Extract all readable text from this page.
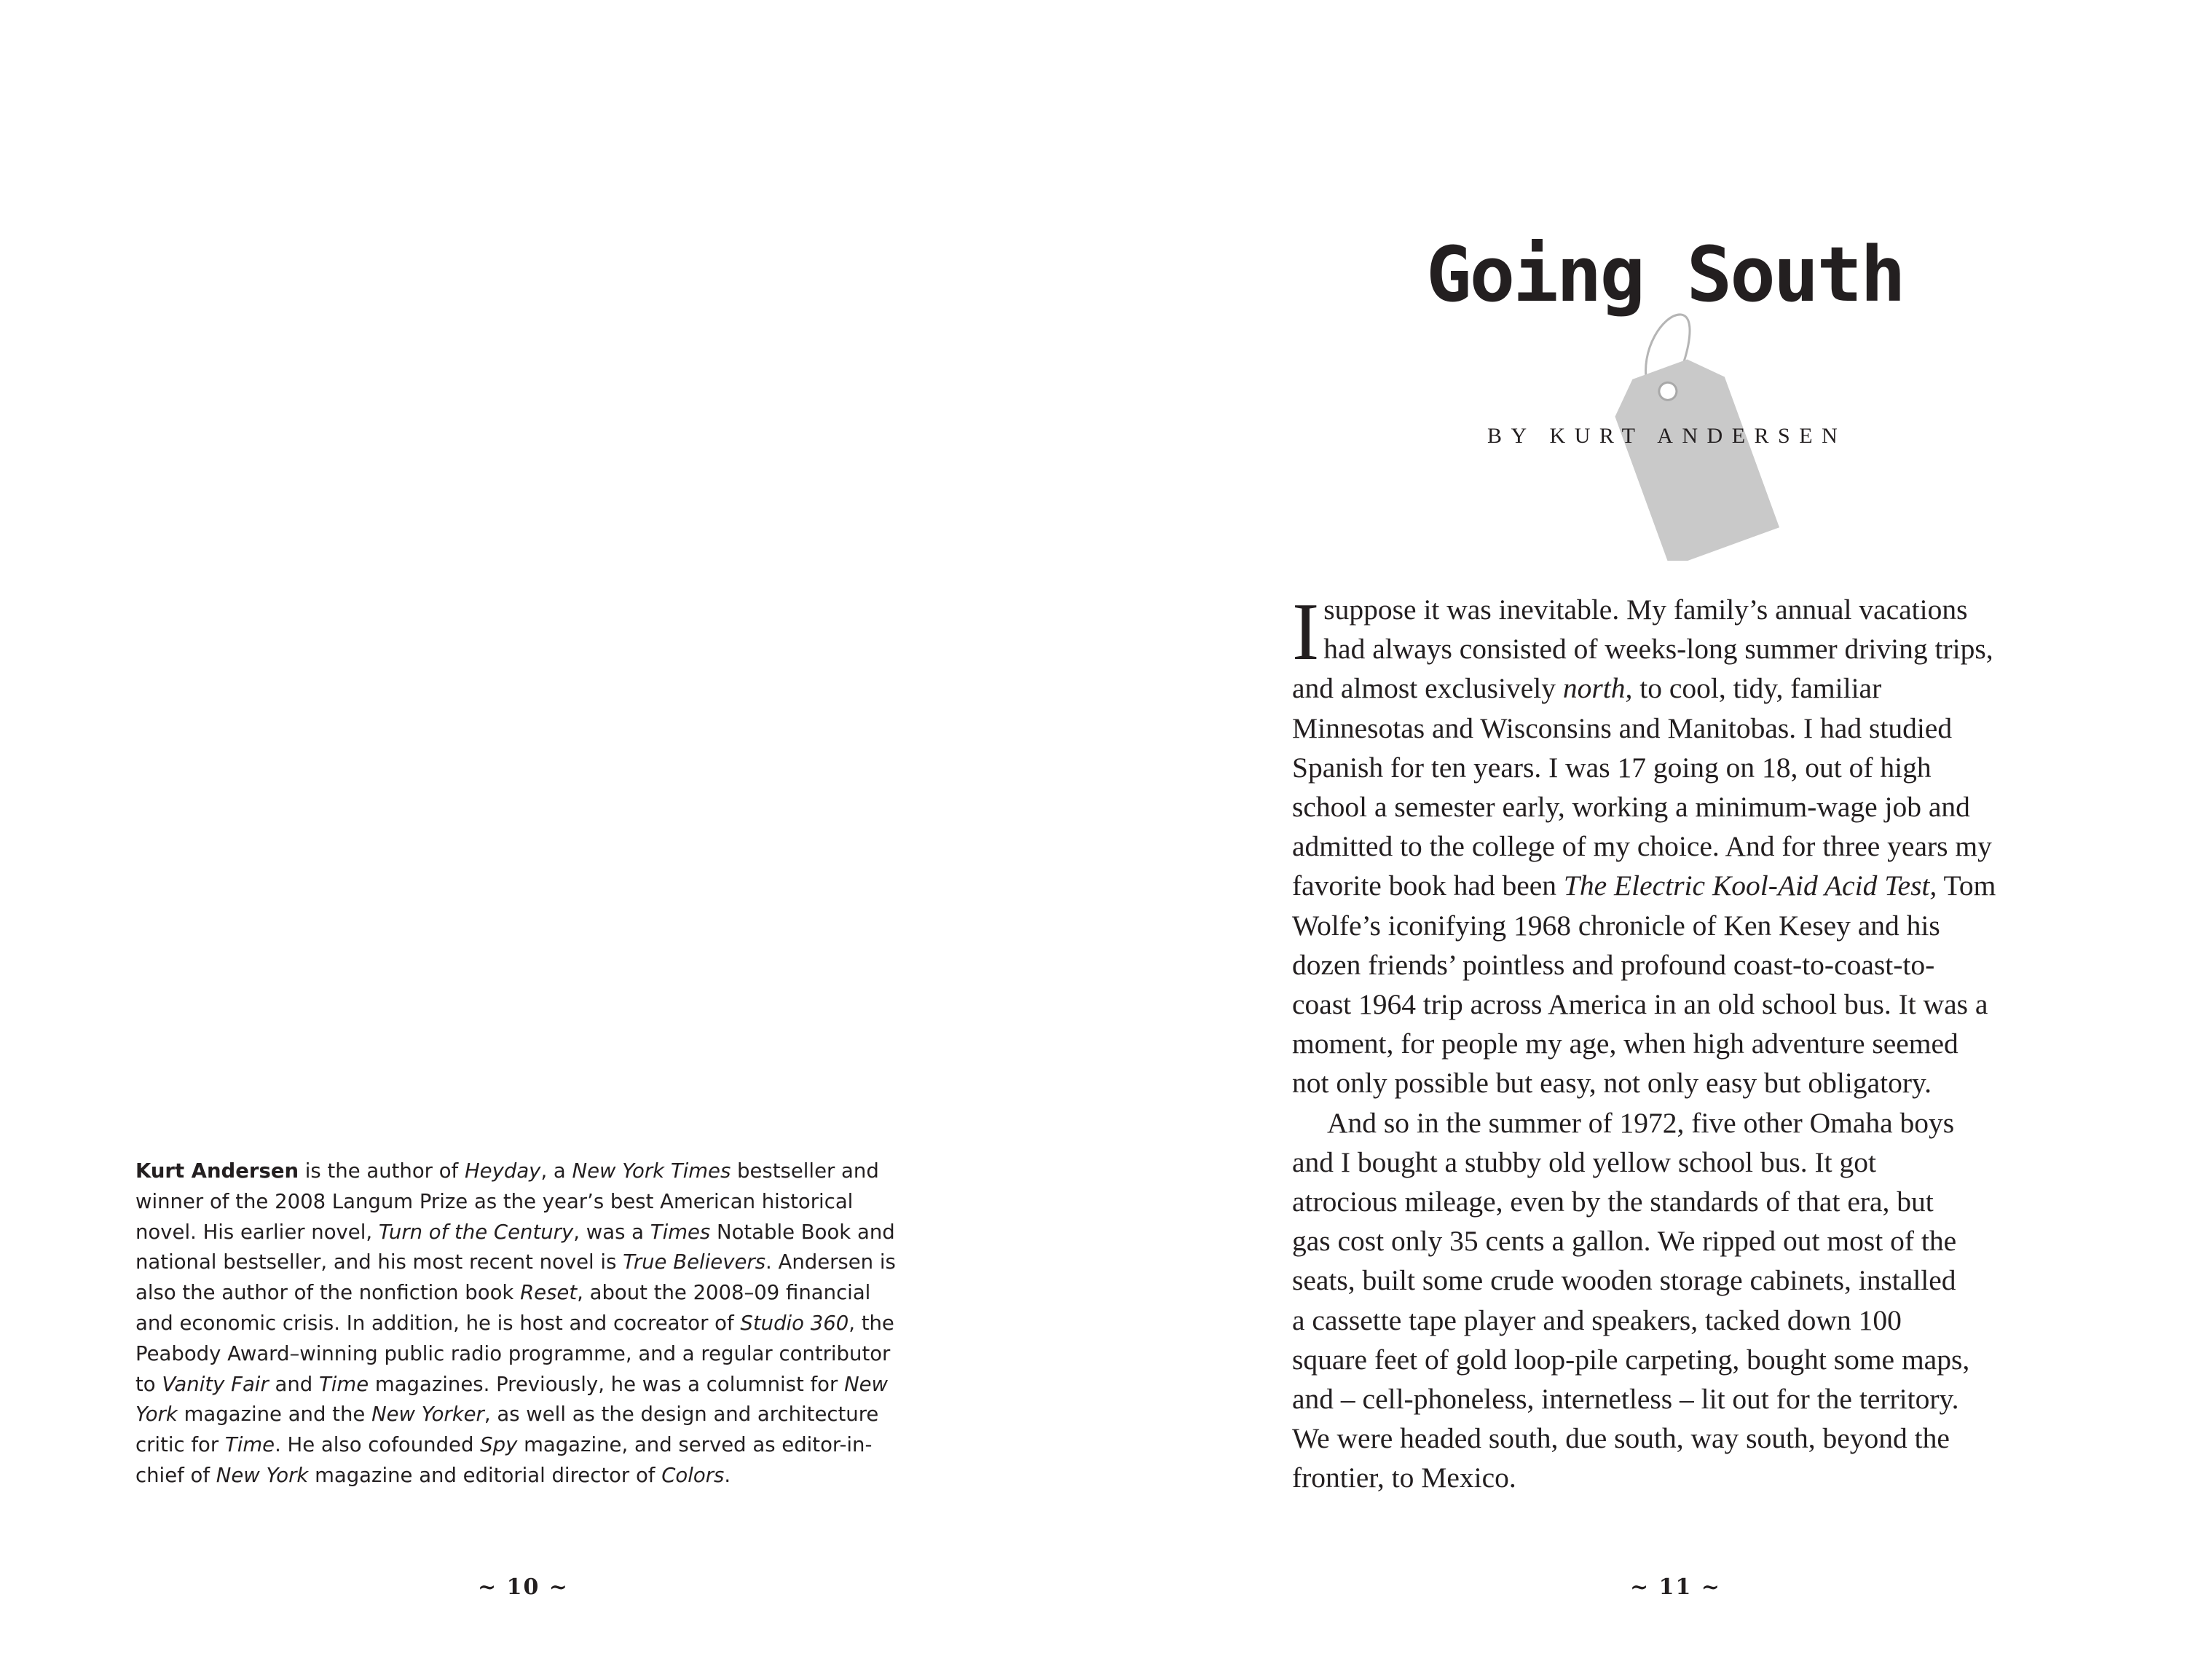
Kurt Andersen is the author of Heyday, a New York Times bestseller and winner of the 2008 Langum Prize as the year’s best American historical novel. His earlier novel, Turn of the Century, was a Times Notable Book and national bestseller, and his most recent novel is True Believers. Andersen is also the author of the nonfiction book Reset, about the 2008–09 financial and economic crisis. In addition, he is host and cocreator of Studio 360, the Peabody Award–winning public radio programme, and a regular contributor to Vanity Fair and Time magazines. Previously, he was a columnist for New York magazine and the New Yorker, as well as the design and architecture critic for Time. He also cofounded Spy magazine, and served as editor-in-chief of New York magazine and editorial director of Colors.
~ 10 ~
Going South
BY KURT ANDERSEN
I suppose it was inevitable. My family’s annual vacations
had always consisted of weeks-long summer driving trips,
and almost exclusively north, to cool, tidy, familiar
Minnesotas and Wisconsins and Manitobas. I had studied
Spanish for ten years. I was 17 going on 18, out of high
school a semester early, working a minimum-wage job and
admitted to the college of my choice. And for three years my
favorite book had been The Electric Kool-Aid Acid Test, Tom
Wolfe’s iconifying 1968 chronicle of Ken Kesey and his
dozen friends’ pointless and profound coast-to-coast-to-
coast 1964 trip across America in an old school bus. It was a
moment, for people my age, when high adventure seemed
not only possible but easy, not only easy but obligatory.
And so in the summer of 1972, five other Omaha boys
and I bought a stubby old yellow school bus. It got
atrocious mileage, even by the standards of that era, but
gas cost only 35 cents a gallon. We ripped out most of the
seats, built some crude wooden storage cabinets, installed
a cassette tape player and speakers, tacked down 100
square feet of gold loop-pile carpeting, bought some maps,
and – cell-phoneless, internetless – lit out for the territory.
We were headed south, due south, way south, beyond the
frontier, to Mexico.
~ 11 ~
